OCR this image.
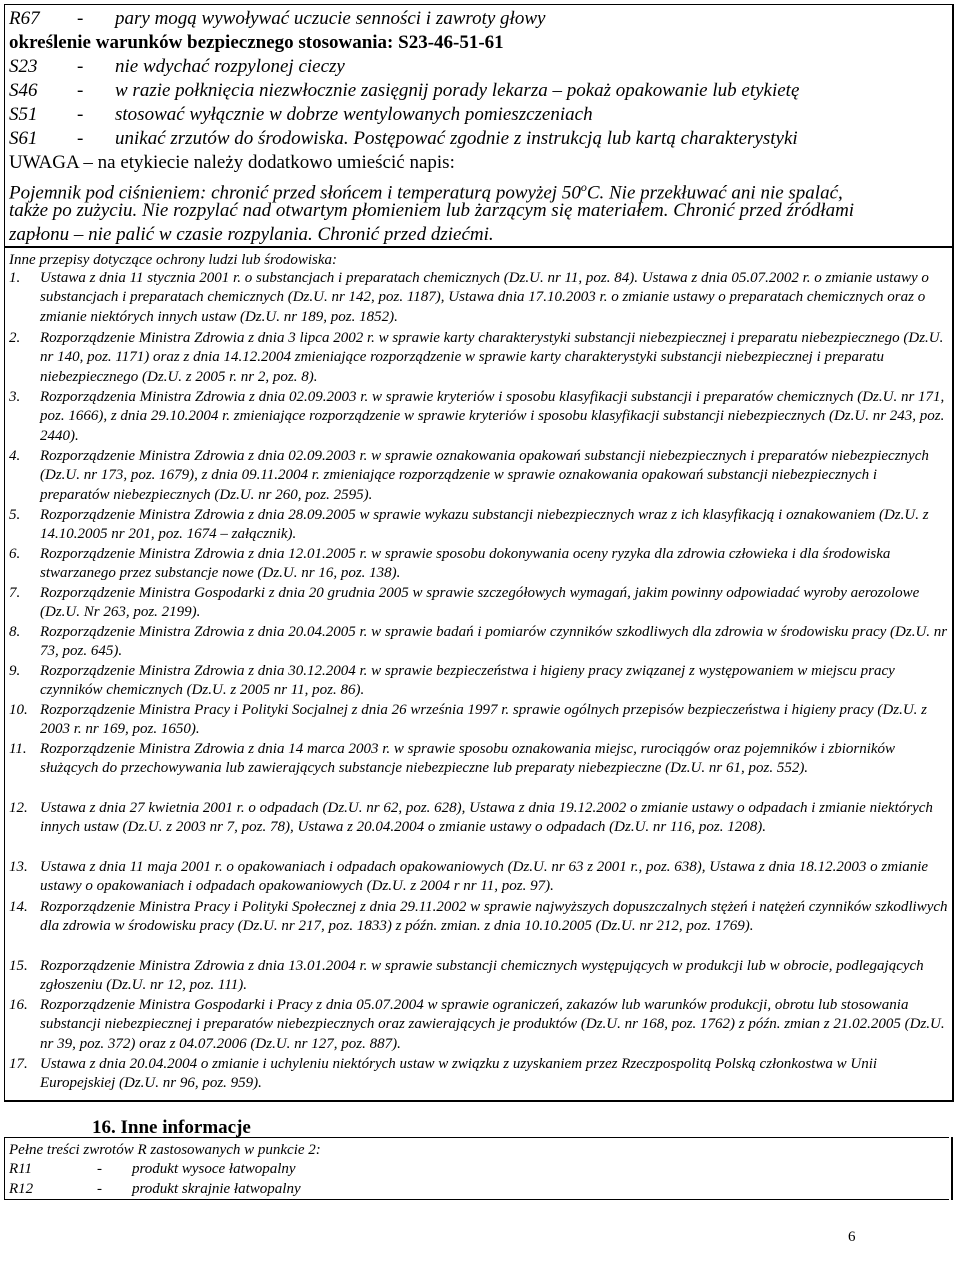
R67 - pary mogą wywoływać uczucie senności i zawroty głowy
określenie warunków bezpiecznego stosowania: S23-46-51-61
S23 - nie wdychać rozpylonej cieczy
S46 - w razie połknięcia niezwłocznie zasięgnij porady lekarza – pokaż opakowanie lub etykietę
S51 - stosować wyłącznie w dobrze wentylowanych pomieszczeniach
S61 - unikać zrzutów do środowiska. Postępować zgodnie z instrukcją lub kartą charakterystyki
UWAGA – na etykiecie należy dodatkowo umieścić napis:
Pojemnik pod ciśnieniem: chronić przed słońcem i temperaturą powyżej 50$^o$C. Nie przekłuwać ani nie spalać,
także po zużyciu. Nie rozpylać nad otwartym płomieniem lub żarzącym się materiałem. Chronić przed źródłami
zapłonu – nie palić w czasie rozpylania. Chronić przed dziećmi.
Inne przepisy dotyczące ochrony ludzi lub środowiska:
1.	Ustawa z dnia 11 stycznia 2001 r. o substancjach i preparatach chemicznych (Dz.U. nr 11, poz. 84). Ustawa z dnia 05.07.2002 r. o zmianie ustawy o substancjach i preparatach chemicznych (Dz.U. nr 142, poz. 1187), Ustawa dnia 17.10.2003 r. o zmianie ustawy o preparatach chemicznych oraz o zmianie niektórych innych ustaw (Dz.U. nr 189, poz. 1852).
2.	Rozporządzenie Ministra Zdrowia z dnia 3 lipca 2002 r. w sprawie karty charakterystyki substancji niebezpiecznej i preparatu niebezpiecznego (Dz.U. nr 140, poz. 1171) oraz z dnia 14.12.2004 zmieniające rozporządzenie w sprawie karty charakterystyki substancji niebezpiecznej i preparatu niebezpiecznego (Dz.U. z 2005 r. nr 2, poz. 8).
3.	Rozporządzenia Ministra Zdrowia z dnia 02.09.2003 r. w sprawie kryteriów i sposobu klasyfikacji substancji i preparatów chemicznych (Dz.U. nr 171, poz. 1666), z dnia 29.10.2004 r. zmieniające rozporządzenie w sprawie kryteriów i sposobu klasyfikacji substancji niebezpiecznych (Dz.U. nr 243, poz. 2440).
4.	Rozporządzenie Ministra Zdrowia z dnia 02.09.2003 r. w sprawie oznakowania opakowań substancji niebezpiecznych i preparatów niebezpiecznych (Dz.U. nr 173, poz. 1679), z dnia 09.11.2004 r. zmieniające rozporządzenie w sprawie oznakowania opakowań substancji niebezpiecznych i preparatów niebezpiecznych (Dz.U. nr 260, poz. 2595).
5.	Rozporządzenie Ministra Zdrowia z dnia 28.09.2005 w sprawie wykazu substancji niebezpiecznych wraz z ich klasyfikacją i oznakowaniem (Dz.U. z 14.10.2005 nr 201, poz. 1674 – załącznik).
6.	Rozporządzenie Ministra Zdrowia z dnia 12.01.2005 r. w sprawie sposobu dokonywania oceny ryzyka dla zdrowia człowieka i dla środowiska stwarzanego przez substancje nowe (Dz.U. nr 16, poz. 138).
7.	Rozporządzenie Ministra Gospodarki z dnia 20 grudnia 2005 w sprawie szczegółowych wymagań, jakim powinny odpowiadać wyroby aerozolowe (Dz.U. Nr 263, poz. 2199).
8.	Rozporządzenie Ministra Zdrowia z dnia 20.04.2005 r. w sprawie badań i pomiarów czynników szkodliwych dla zdrowia w środowisku pracy (Dz.U. nr 73, poz. 645).
9.	Rozporządzenie Ministra Zdrowia z dnia 30.12.2004 r. w sprawie bezpieczeństwa i higieny pracy związanej z występowaniem w miejscu pracy czynników chemicznych (Dz.U. z 2005 nr 11, poz. 86).
10. Rozporządzenie Ministra Pracy i Polityki Socjalnej z dnia 26 września 1997 r. sprawie ogólnych przepisów bezpieczeństwa i higieny pracy (Dz.U. z 2003 r. nr 169, poz. 1650).
11. Rozporządzenie Ministra Zdrowia z dnia 14 marca 2003 r. w sprawie sposobu oznakowania miejsc, rurociągów oraz pojemników i zbiorników służących do przechowywania lub zawierających substancje niebezpieczne lub preparaty niebezpieczne (Dz.U. nr 61, poz. 552).
12. Ustawa z dnia 27 kwietnia 2001 r. o odpadach (Dz.U. nr 62, poz. 628), Ustawa z dnia 19.12.2002 o zmianie ustawy o odpadach i zmianie niektórych innych ustaw (Dz.U. z 2003 nr 7, poz. 78), Ustawa z 20.04.2004 o zmianie ustawy o odpadach (Dz.U. nr 116, poz. 1208).
13. Ustawa z dnia 11 maja 2001 r. o opakowaniach i odpadach opakowaniowych (Dz.U. nr 63 z 2001 r., poz. 638), Ustawa z dnia 18.12.2003 o zmianie ustawy o opakowaniach i odpadach opakowaniowych (Dz.U. z 2004 r nr 11, poz. 97).
14. Rozporządzenie Ministra Pracy i Polityki Społecznej z dnia 29.11.2002 w sprawie najwyższych dopuszczalnych stężeń i natężeń czynników szkodliwych dla zdrowia w środowisku pracy (Dz.U. nr 217, poz. 1833) z późn. zmian. z dnia 10.10.2005 (Dz.U. nr 212, poz. 1769).
15. Rozporządzenie Ministra Zdrowia z dnia 13.01.2004 r. w sprawie substancji chemicznych występujących w produkcji lub w obrocie, podlegających zgłoszeniu (Dz.U. nr 12, poz. 111).
16. Rozporządzenie Ministra Gospodarki i Pracy z dnia 05.07.2004 w sprawie ograniczeń, zakazów lub warunków produkcji, obrotu lub stosowania substancji niebezpiecznej i preparatów niebezpiecznych oraz zawierających je produktów (Dz.U. nr 168, poz. 1762) z późn. zmian z 21.02.2005 (Dz.U. nr 39, poz. 372) oraz z 04.07.2006 (Dz.U. nr 127, poz. 887).
17. Ustawa z dnia 20.04.2004 o zmianie i uchyleniu niektórych ustaw w związku z uzyskaniem przez Rzeczpospolitą Polską członkostwa w Unii Europejskiej (Dz.U. nr 96, poz. 959).
16. Inne informacje
Pełne treści zwrotów R zastosowanych w punkcie 2:
R11	- produkt wysoce łatwopalny
R12	- produkt skrajnie łatwopalny
6
